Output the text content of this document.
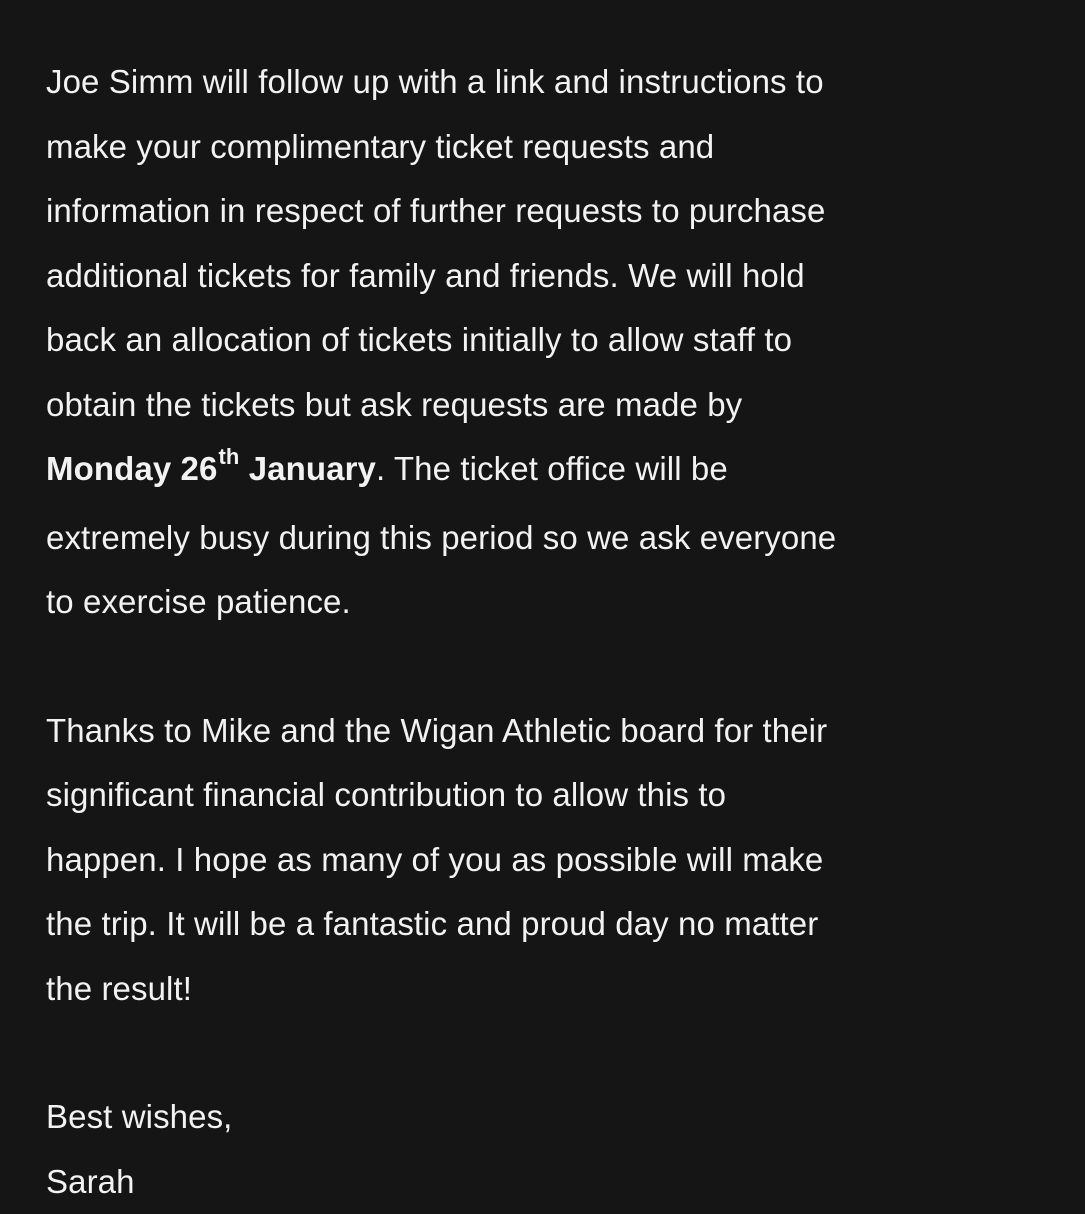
Joe Simm will follow up with a link and instructions to
make your complimentary ticket requests and
information in respect of further requests to purchase
additional tickets for family and friends. We will hold
back an allocation of tickets initially to allow staff to
obtain the tickets but ask requests are made by
Monday 26th January. The ticket office will be
extremely busy during this period so we ask everyone
to exercise patience.

Thanks to Mike and the Wigan Athletic board for their
significant financial contribution to allow this to
happen. I hope as many of you as possible will make
the trip. It will be a fantastic and proud day no matter
the result!

Best wishes,
Sarah
